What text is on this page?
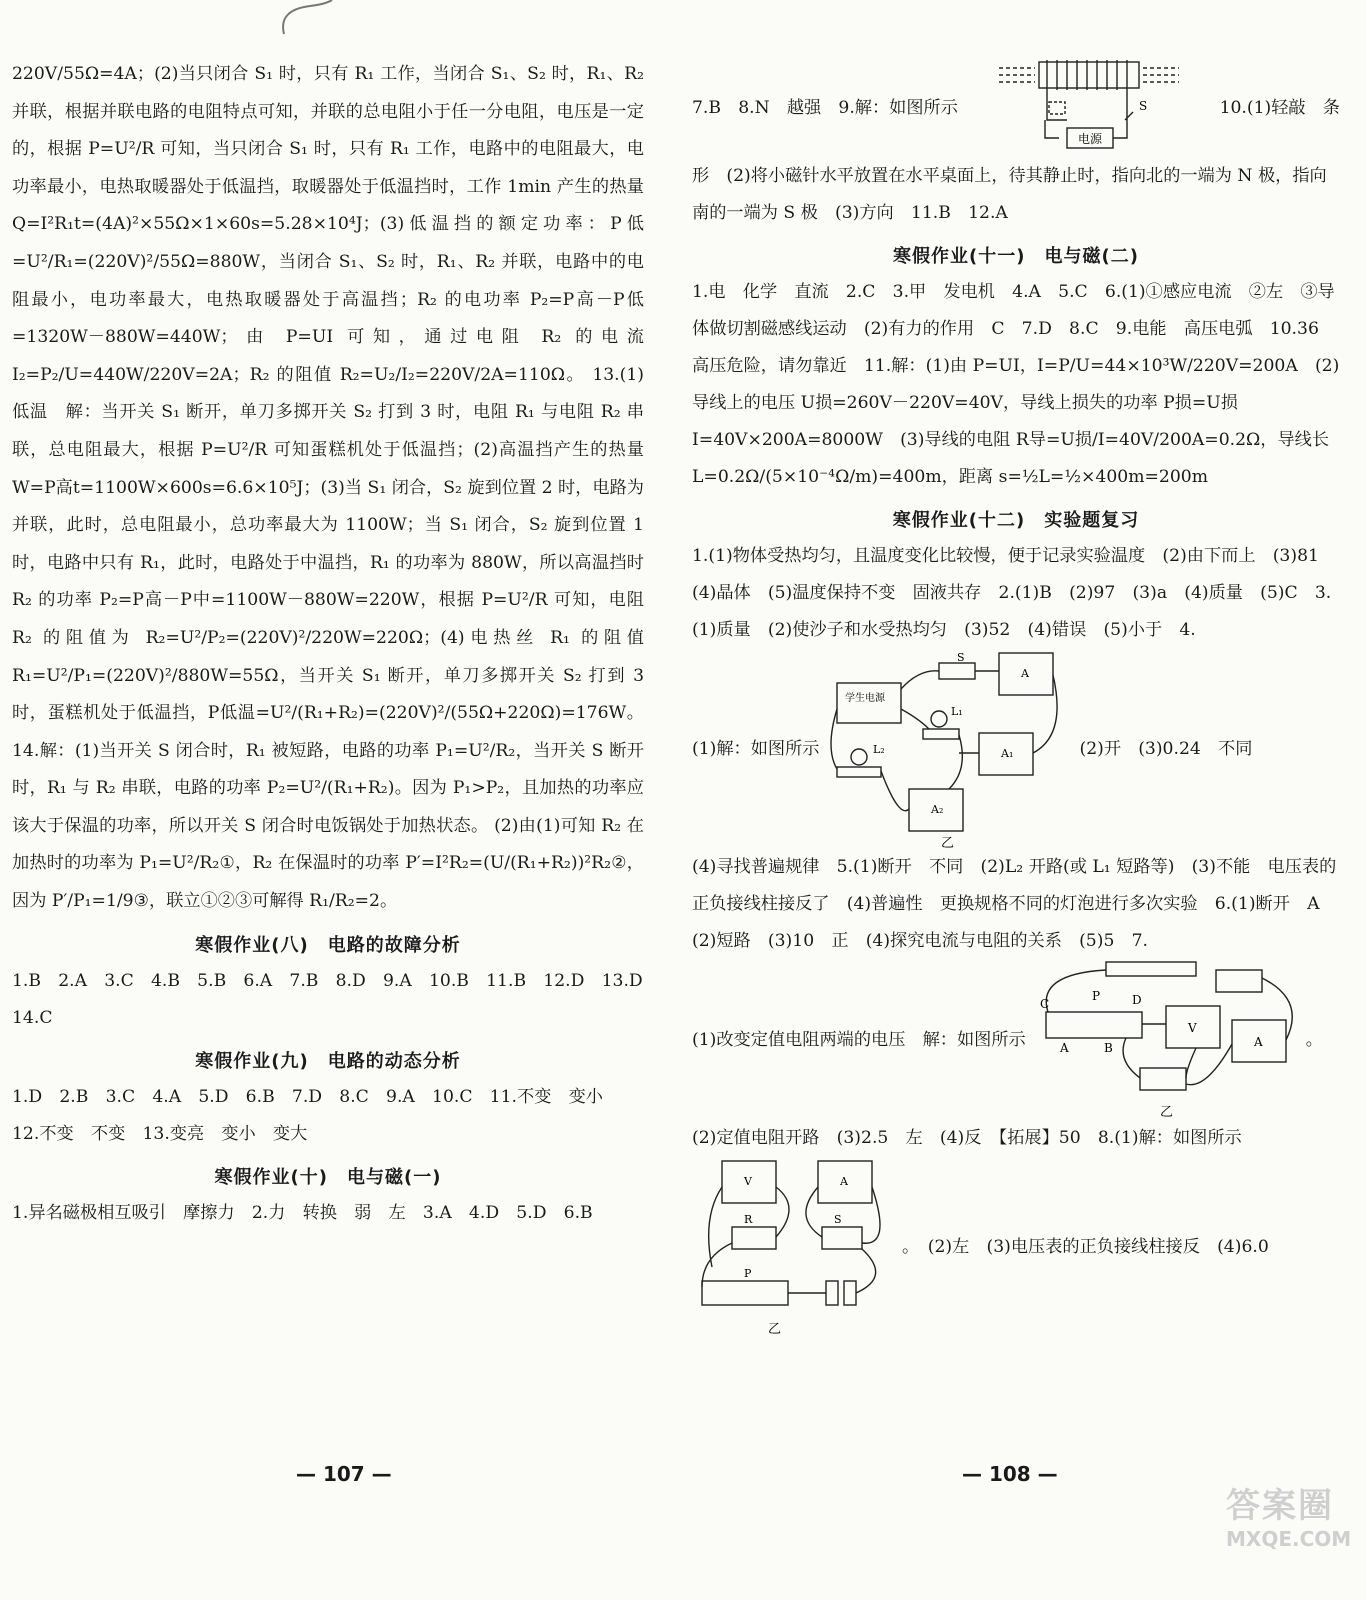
220V/55Ω=4A；(2)当只闭合 S₁ 时，只有 R₁ 工作，当闭合 S₁、S₂ 时，R₁、R₂ 并联，根据并联电路的电阻特点可知，并联的总电阻小于任一分电阻，电压是一定的，根据 P=U²/R 可知，当只闭合 S₁ 时，只有 R₁ 工作，电路中的电阻最大，电功率最小，电热取暖器处于低温挡，取暖器处于低温挡时，工作 1min 产生的热量 Q=I²R₁t=(4A)²×55Ω×1×60s=5.28×10⁴J；(3)低温挡的额定功率：P低=U²/R₁=(220V)²/55Ω=880W，当闭合 S₁、S₂ 时，R₁、R₂ 并联，电路中的电阻最小，电功率最大，电热取暖器处于高温挡；R₂ 的电功率 P₂=P高－P低=1320W－880W=440W；由 P=UI 可知，通过电阻 R₂ 的电流 I₂=P₂/U=440W/220V=2A；R₂ 的阻值 R₂=U₂/I₂=220V/2A=110Ω。 13.(1)低温　解：当开关 S₁ 断开，单刀多掷开关 S₂ 打到 3 时，电阻 R₁ 与电阻 R₂ 串联，总电阻最大，根据 P=U²/R 可知蛋糕机处于低温挡；(2)高温挡产生的热量 W=P高t=1100W×600s=6.6×10⁵J；(3)当 S₁ 闭合，S₂ 旋到位置 2 时，电路为并联，此时，总电阻最小，总功率最大为 1100W；当 S₁ 闭合，S₂ 旋到位置 1 时，电路中只有 R₁，此时，电路处于中温挡，R₁ 的功率为 880W，所以高温挡时 R₂ 的功率 P₂=P高－P中=1100W－880W=220W，根据 P=U²/R 可知，电阻 R₂ 的阻值为 R₂=U²/P₂=(220V)²/220W=220Ω；(4)电热丝 R₁ 的阻值 R₁=U²/P₁=(220V)²/880W=55Ω，当开关 S₁ 断开，单刀多掷开关 S₂ 打到 3 时，蛋糕机处于低温挡，P低温=U²/(R₁+R₂)=(220V)²/(55Ω+220Ω)=176W。 14.解：(1)当开关 S 闭合时，R₁ 被短路，电路的功率 P₁=U²/R₂，当开关 S 断开时，R₁ 与 R₂ 串联，电路的功率 P₂=U²/(R₁+R₂)。因为 P₁>P₂，且加热的功率应该大于保温的功率，所以开关 S 闭合时电饭锅处于加热状态。 (2)由(1)可知 R₂ 在加热时的功率为 P₁=U²/R₂①，R₂ 在保温时的功率 P′=I²R₂=(U/(R₁+R₂))²R₂②，因为 P′/P₁=1/9③，联立①②③可解得 R₁/R₂=2。

寒假作业(八)　电路的故障分析

1.B　2.A　3.C　4.B　5.B　6.A　7.B　8.D　9.A　10.B　11.B　12.D　13.D　14.C

寒假作业(九)　电路的动态分析

1.D　2.B　3.C　4.A　5.D　6.B　7.D　8.C　9.A　10.C　11.不变　变小　12.不变　不变　13.变亮　变小　变大

寒假作业(十)　电与磁(一)

1.异名磁极相互吸引　摩擦力　2.力　转换　弱　左　3.A　4.D　5.D　6.B

— 107 —
7.B　8.N　越强　9.解：如图所示
电源
S	10.(1)轻敲　条

形　(2)将小磁针水平放置在水平桌面上，待其静止时，指向北的一端为 N 极，指向南的一端为 S 极　(3)方向　11.B　12.A

寒假作业(十一)　电与磁(二)

1.电　化学　直流　2.C　3.甲　发电机　4.A　5.C　6.(1)①感应电流　②左　③导体做切割磁感线运动　(2)有力的作用　C　7.D　8.C　9.电能　高压电弧　10.36　高压危险，请勿靠近　11.解：(1)由 P=UI，I=P/U=44×10³W/220V=200A　(2)导线上的电压 U损=260V－220V=40V，导线上损失的功率 P损=U损I=40V×200A=8000W　(3)导线的电阻 R导=U损/I=40V/200A=0.2Ω，导线长 L=0.2Ω/(5×10⁻⁴Ω/m)=400m，距离 s=½L=½×400m=200m

寒假作业(十二)　实验题复习

1.(1)物体受热均匀，且温度变化比较慢，便于记录实验温度　(2)由下而上　(3)81　(4)晶体　(5)温度保持不变　固液共存　2.(1)B　(2)97　(3)a　(4)质量　(5)C　3.(1)质量　(2)使沙子和水受热均匀　(3)52　(4)错误　(5)小于　4.

(1)解：如图所示
S
学生电源
A
L₁
A₁
L₂
A₂
乙
(2)开　(3)0.24　不同

(4)寻找普遍规律　5.(1)断开　不同　(2)L₂ 开路(或 L₁ 短路等)　(3)不能　电压表的正负接线柱接反了　(4)普遍性　更换规格不同的灯泡进行多次实验　6.(1)断开　A　(2)短路　(3)10　正　(4)探究电流与电阻的关系　(5)5　7.

(1)改变定值电阻两端的电压　解：如图所示
C
P	D
A	B
V
A
乙
。

(2)定值电阻开路　(3)2.5　左　(4)反　【拓展】50　8.(1)解：如图所示

V	A
R	S
P
乙
。　(2)左　(3)电压表的正负接线柱接反　(4)6.0
— 108 —
答案圈
MXQE.COM
